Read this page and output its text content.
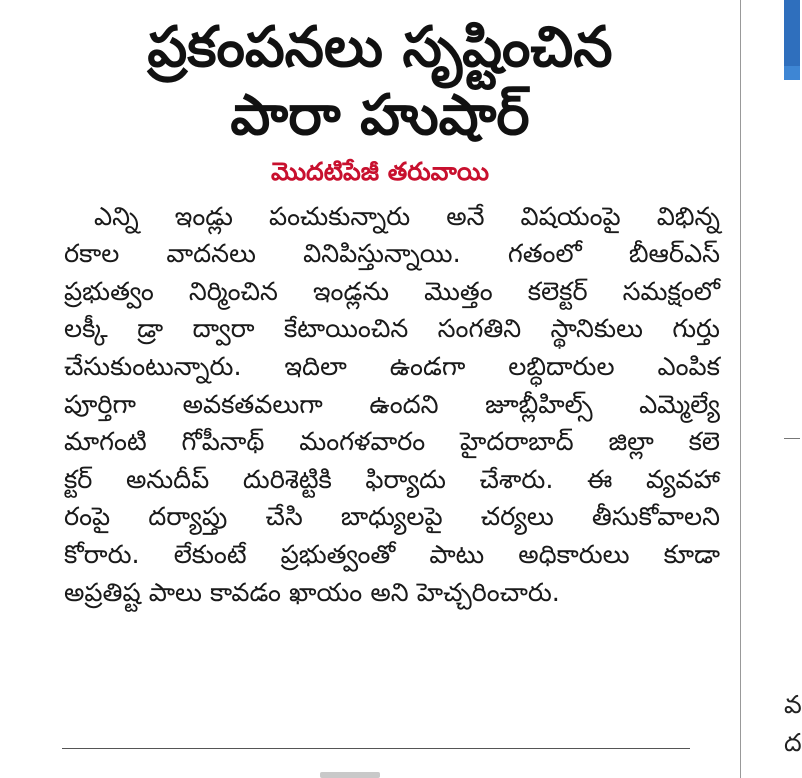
ప్రకంపనలు సృష్టించిన
పారా హుషార్
మొదటిపేజీ తరువాయి

ఎన్ని ఇండ్లు పంచుకున్నారు అనే విషయంపై విభిన్న
రకాల వాదనలు వినిపిస్తున్నాయి. గతంలో బీఆర్ఎస్
ప్రభుత్వం నిర్మించిన ఇండ్లను మొత్తం కలెక్టర్ సమక్షంలో
లక్కీ డ్రా ద్వారా కేటాయించిన సంగతిని స్థానికులు గుర్తు
చేసుకుంటున్నారు. ఇదిలా ఉండగా లబ్ధిదారుల ఎంపిక
పూర్తిగా అవకతవలుగా ఉందని జూబ్లీహిల్స్ ఎమ్మెల్యే
మాగంటి గోపీనాథ్ మంగళవారం హైదరాబాద్ జిల్లా కలె
క్టర్ అనుదీప్ దురిశెట్టికి ఫిర్యాదు చేశారు. ఈ వ్యవహా
రంపై దర్యాప్తు చేసి బాధ్యులపై చర్యలు తీసుకోవాలని
కోరారు. లేకుంటే ప్రభుత్వంతో పాటు అధికారులు కూడా
అప్రతిష్ట పాలు కావడం ఖాయం అని హెచ్చరించారు.

వ
ద
